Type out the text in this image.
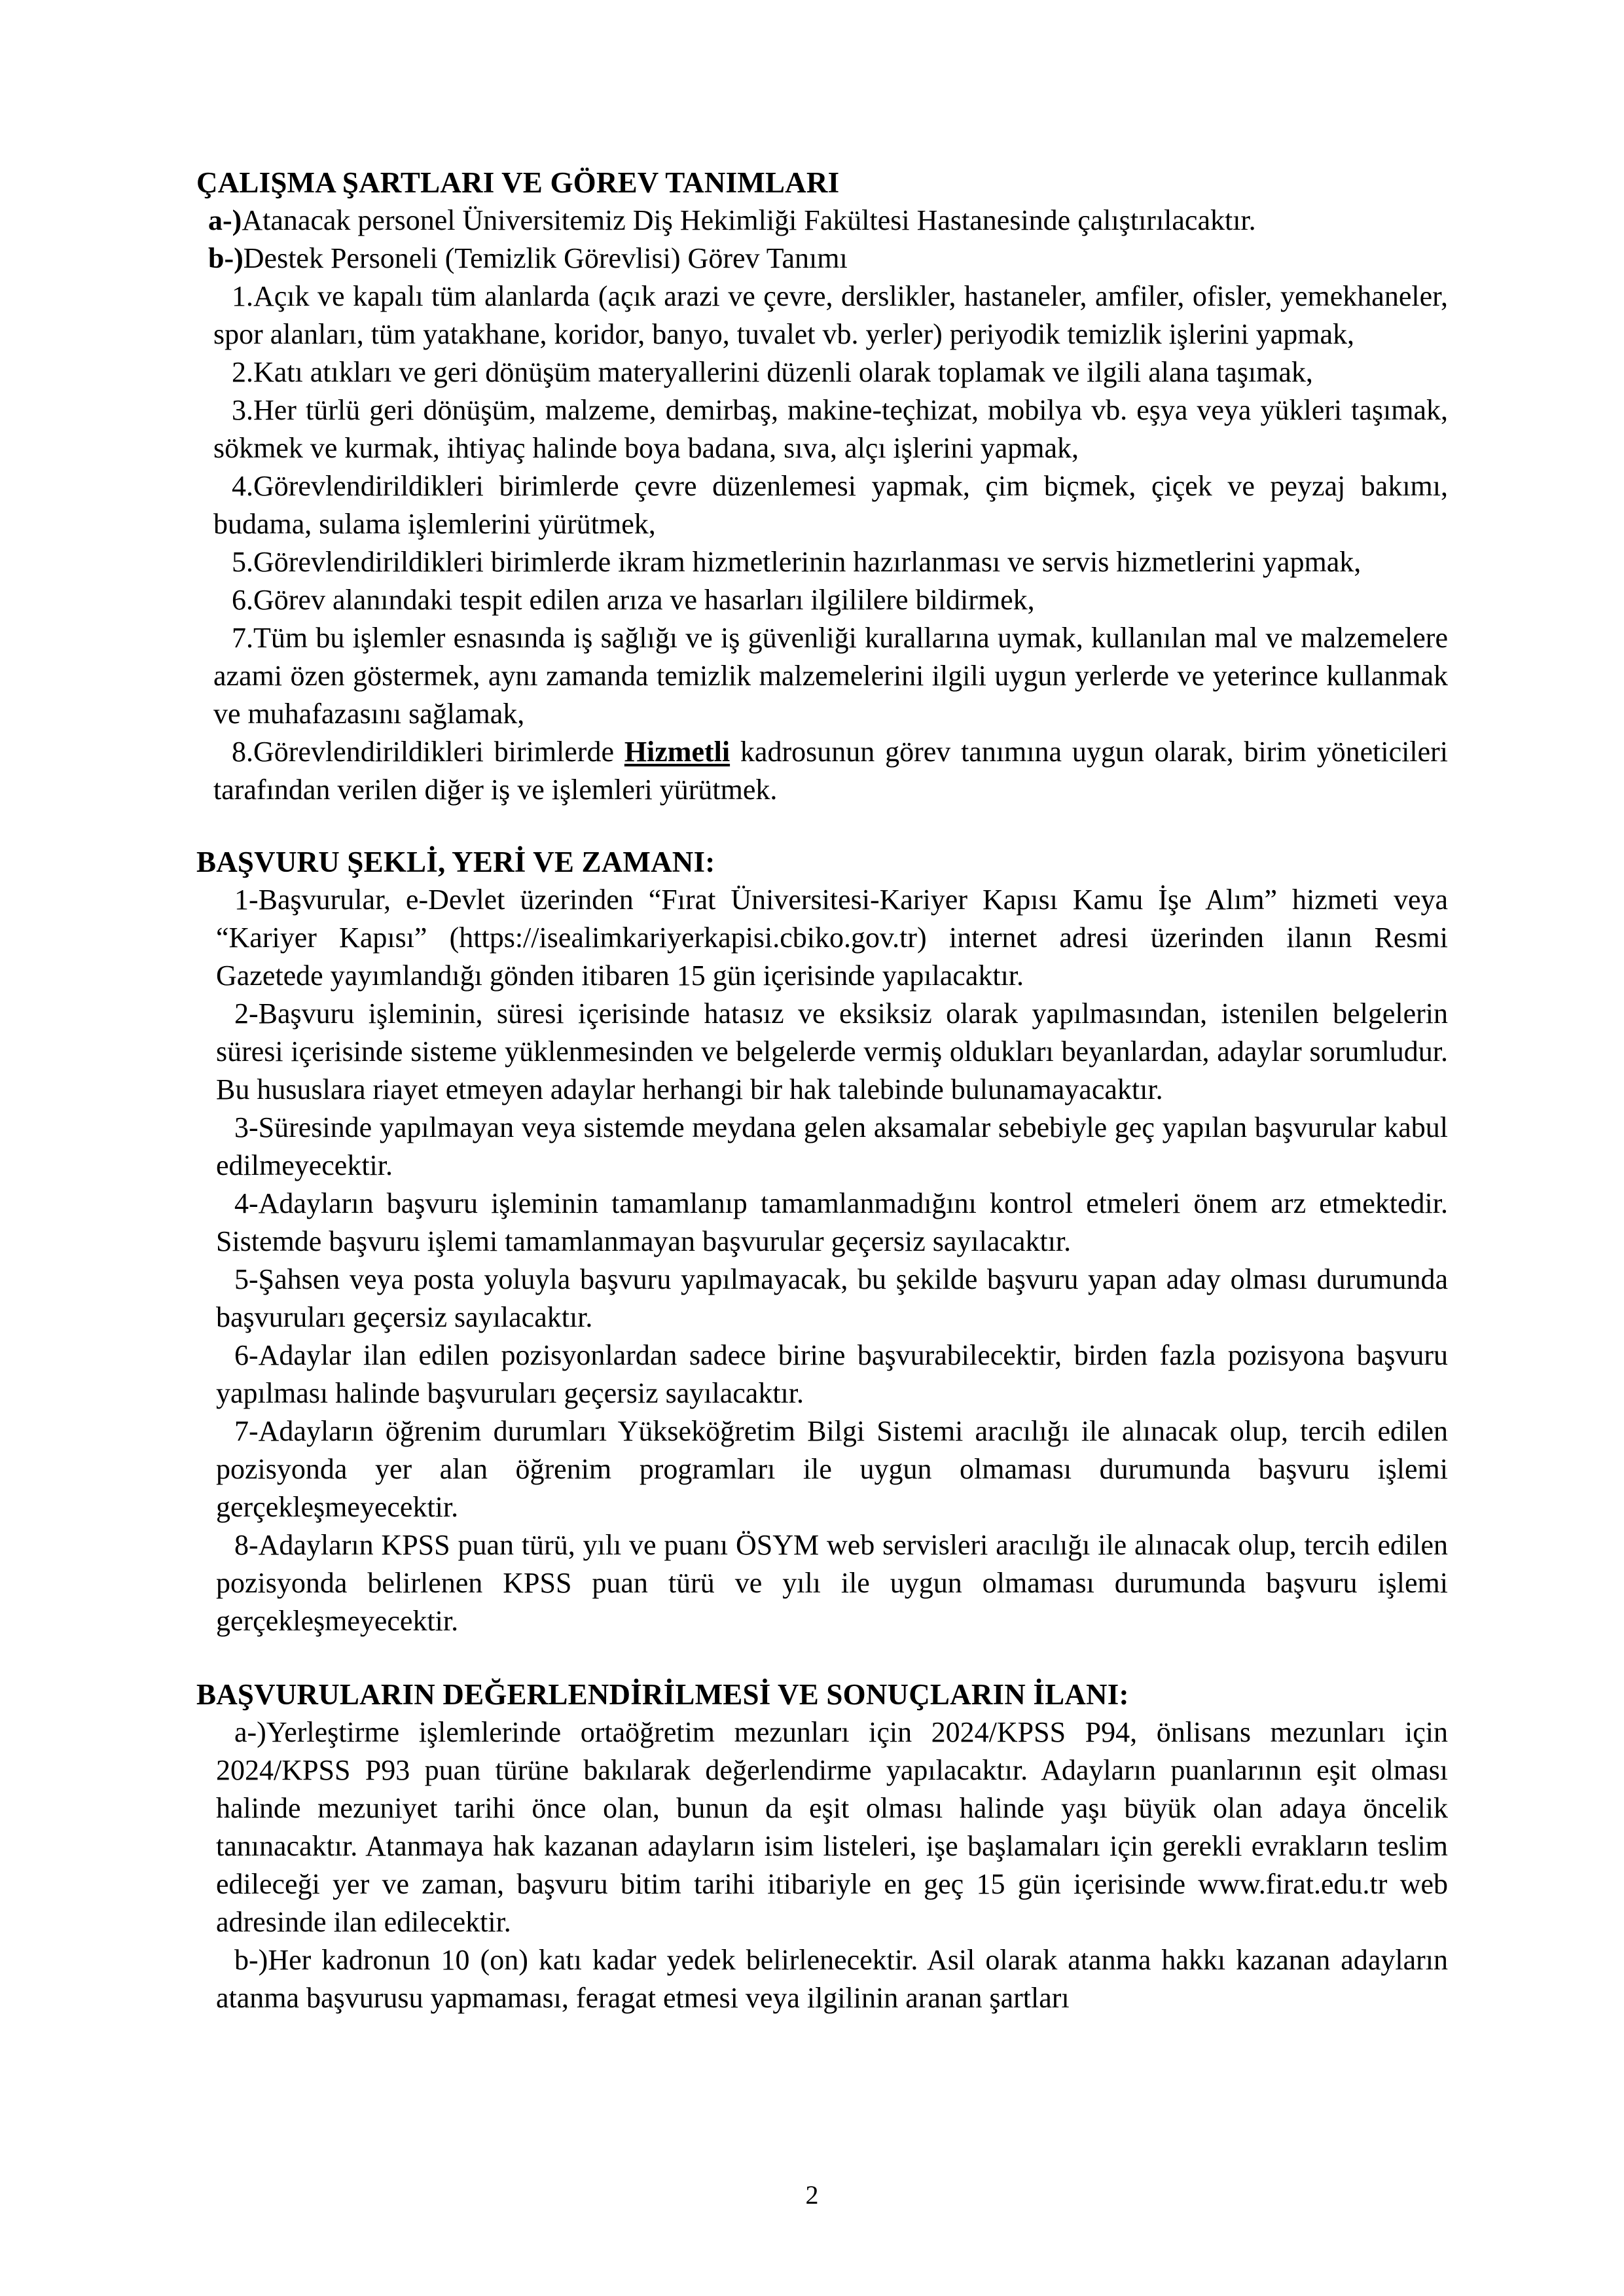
ÇALIŞMA ŞARTLARI VE GÖREV TANIMLARI

a-)Atanacak personel Üniversitemiz Diş Hekimliği Fakültesi Hastanesinde çalıştırılacaktır.

b-)Destek Personeli (Temizlik Görevlisi) Görev Tanımı

1.Açık ve kapalı tüm alanlarda (açık arazi ve çevre, derslikler, hastaneler, amfiler, ofisler, yemekhaneler, spor alanları, tüm yatakhane, koridor, banyo, tuvalet vb. yerler) periyodik temizlik işlerini yapmak,

2.Katı atıkları ve geri dönüşüm materyallerini düzenli olarak toplamak ve ilgili alana taşımak,

3.Her türlü geri dönüşüm, malzeme, demirbaş, makine-teçhizat, mobilya vb. eşya veya yükleri taşımak, sökmek ve kurmak, ihtiyaç halinde boya badana, sıva, alçı işlerini yapmak,

4.Görevlendirildikleri birimlerde çevre düzenlemesi yapmak, çim biçmek, çiçek ve peyzaj bakımı, budama, sulama işlemlerini yürütmek,

5.Görevlendirildikleri birimlerde ikram hizmetlerinin hazırlanması ve servis hizmetlerini yapmak,

6.Görev alanındaki tespit edilen arıza ve hasarları ilgililere bildirmek,

7.Tüm bu işlemler esnasında iş sağlığı ve iş güvenliği kurallarına uymak, kullanılan mal ve malzemelere azami özen göstermek, aynı zamanda temizlik malzemelerini ilgili uygun yerlerde ve yeterince kullanmak ve muhafazasını sağlamak,

8.Görevlendirildikleri birimlerde Hizmetli kadrosunun görev tanımına uygun olarak, birim yöneticileri tarafından verilen diğer iş ve işlemleri yürütmek.

BAŞVURU ŞEKLİ, YERİ VE ZAMANI:

1-Başvurular, e-Devlet üzerinden “Fırat Üniversitesi-Kariyer Kapısı Kamu İşe Alım” hizmeti veya “Kariyer Kapısı” (https://isealimkariyerkapisi.cbiko.gov.tr) internet adresi üzerinden ilanın Resmi Gazetede yayımlandığı gönden itibaren 15 gün içerisinde yapılacaktır.

2-Başvuru işleminin, süresi içerisinde hatasız ve eksiksiz olarak yapılmasından, istenilen belgelerin süresi içerisinde sisteme yüklenmesinden ve belgelerde vermiş oldukları beyanlardan, adaylar sorumludur. Bu hususlara riayet etmeyen adaylar herhangi bir hak talebinde bulunamayacaktır.

3-Süresinde yapılmayan veya sistemde meydana gelen aksamalar sebebiyle geç yapılan başvurular kabul edilmeyecektir.

4-Adayların başvuru işleminin tamamlanıp tamamlanmadığını kontrol etmeleri önem arz etmektedir. Sistemde başvuru işlemi tamamlanmayan başvurular geçersiz sayılacaktır.

5-Şahsen veya posta yoluyla başvuru yapılmayacak, bu şekilde başvuru yapan aday olması durumunda başvuruları geçersiz sayılacaktır.

6-Adaylar ilan edilen pozisyonlardan sadece birine başvurabilecektir, birden fazla pozisyona başvuru yapılması halinde başvuruları geçersiz sayılacaktır.

7-Adayların öğrenim durumları Yükseköğretim Bilgi Sistemi aracılığı ile alınacak olup, tercih edilen pozisyonda yer alan öğrenim programları ile uygun olmaması durumunda başvuru işlemi gerçekleşmeyecektir.

8-Adayların KPSS puan türü, yılı ve puanı ÖSYM web servisleri aracılığı ile alınacak olup, tercih edilen pozisyonda belirlenen KPSS puan türü ve yılı ile uygun olmaması durumunda başvuru işlemi gerçekleşmeyecektir.

BAŞVURULARIN DEĞERLENDİRİLMESİ VE SONUÇLARIN İLANI:

a-)Yerleştirme işlemlerinde ortaöğretim mezunları için 2024/KPSS P94, önlisans mezunları için 2024/KPSS P93 puan türüne bakılarak değerlendirme yapılacaktır. Adayların puanlarının eşit olması halinde mezuniyet tarihi önce olan, bunun da eşit olması halinde yaşı büyük olan adaya öncelik tanınacaktır. Atanmaya hak kazanan adayların isim listeleri, işe başlamaları için gerekli evrakların teslim edileceği yer ve zaman, başvuru bitim tarihi itibariyle en geç 15 gün içerisinde www.firat.edu.tr web adresinde ilan edilecektir.

b-)Her kadronun 10 (on) katı kadar yedek belirlenecektir. Asil olarak atanma hakkı kazanan adayların atanma başvurusu yapmaması, feragat etmesi veya ilgilinin aranan şartları

2
